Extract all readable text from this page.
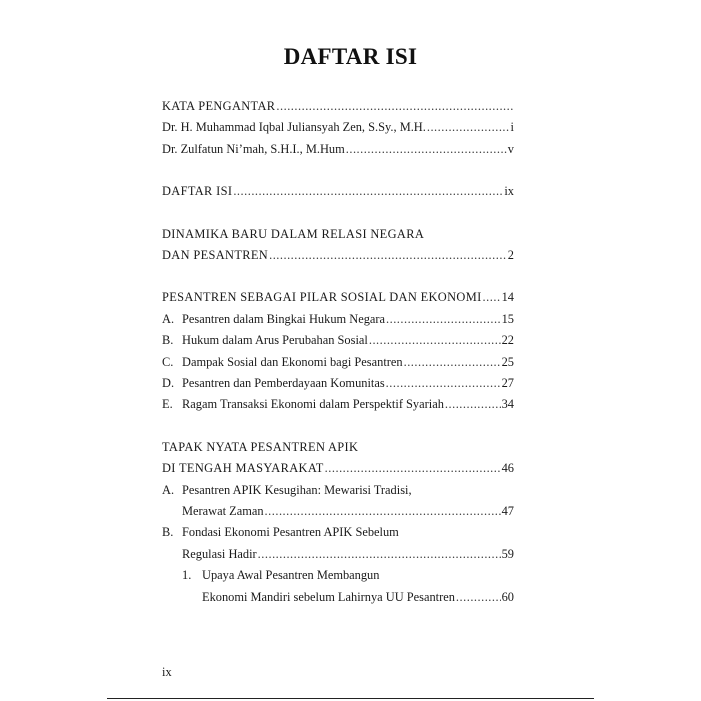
DAFTAR ISI
KATA PENGANTAR
.....
Dr. H. Muhammad Iqbal Juliansyah Zen, S.Sy., M.H. .....	i
Dr. Zulfatun Ni’mah, S.H.I., M.Hum .....	v
DAFTAR ISI .....	ix
DINAMIKA BARU DALAM RELASI NEGARA
DAN PESANTREN .....	2
PESANTREN SEBAGAI PILAR SOSIAL DAN EKONOMI ..... 14
A. Pesantren dalam Bingkai Hukum Negara .....	15
B. Hukum dalam Arus Perubahan Sosial .....	22
C. Dampak Sosial dan Ekonomi bagi Pesantren .....	25
D. Pesantren dan Pemberdayaan Komunitas .....	27
E. Ragam Transaksi Ekonomi dalam Perspektif Syariah .....	34
TAPAK NYATA PESANTREN APIK
DI TENGAH MASYARAKAT .....	46
A. Pesantren APIK Kesugihan: Mewarisi Tradisi,
Merawat Zaman .....	47
B. Fondasi Ekonomi Pesantren APIK Sebelum
Regulasi Hadir .....	59
1. Upaya Awal Pesantren Membangun
Ekonomi Mandiri sebelum Lahirnya UU Pesantren .....	60
ix
